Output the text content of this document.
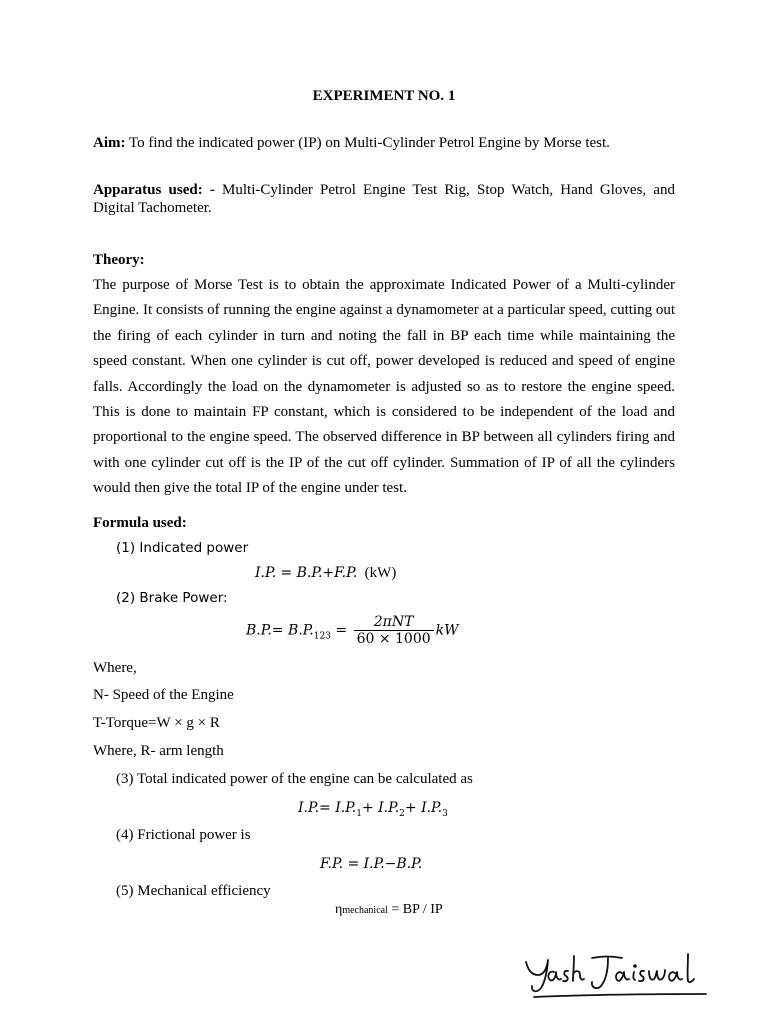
EXPERIMENT NO. 1
Aim: To find the indicated power (IP) on Multi-Cylinder Petrol Engine by Morse test.
Apparatus used: - Multi-Cylinder Petrol Engine Test Rig, Stop Watch, Hand Gloves, and Digital Tachometer.
Theory:
The purpose of Morse Test is to obtain the approximate Indicated Power of a Multi-cylinder Engine. It consists of running the engine against a dynamometer at a particular speed, cutting out the firing of each cylinder in turn and noting the fall in BP each time while maintaining the speed constant. When one cylinder is cut off, power developed is reduced and speed of engine falls. Accordingly the load on the dynamometer is adjusted so as to restore the engine speed. This is done to maintain FP constant, which is considered to be independent of the load and proportional to the engine speed. The observed difference in BP between all cylinders firing and with one cylinder cut off is the IP of the cut off cylinder. Summation of IP of all the cylinders would then give the total IP of the engine under test.
Formula used:
(1) Indicated power
I.P. = B.P.+F.P. (kW)
(2) Brake Power:
$B.P.= B.P._{123} = \frac{\text{2πNT}}{60 \times 1000}$ kW
Where,
N- Speed of the Engine
T-Torque=W × g × R
Where, R- arm length
(3) Total indicated power of the engine can be calculated as
$I.P.= I.P._1+ I.P._2+ I.P._3$
(4) Frictional power is
F.P. = I.P.−B.P.
(5) Mechanical efficiency
ηmechanical = BP / IP
